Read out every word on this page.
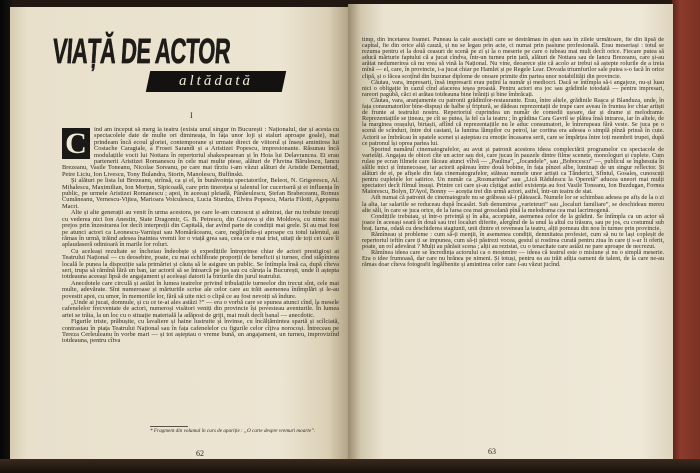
VIAȚĂ DE ACTOR
altădată
I
C	înd am început să merg la teatru (exista unul singur în București : Naționalul, dar și acesta cu spectacolele date de multe ori dimineața, în fața unor loji și staluri aproape goale), mai prindeam încă ecoul gloriei, contemporane și urmate direct de viitorul și înseși amintirea lui Costache Caragiale, a Frosei Sarandi și a Aristizei Popescu, impresionante. Răsunau încă modulațiile vocii lui Nottara în repertoriul shakespearean și în Hoia lui Delavrancea. Ei erau partenerii Aristizei Romanescu în cele mai multe piese, alături de Fluvina Bărulescu, Iancu Brezeanu, Vasile Toneanu, Nicolae Soreanu, pe care mai tîrziu i-am văzut alături de Aristide Demetriad, Petre Liciu, Ion Livescu, Tony Bulandra, Storin, Manolescu, Bulfinski.

Și alături pe lista lui Brezeanu, strînsă, ca și el, în bunăvoința spectatorilor, Beleot, N. Grigorescu, Al. Mihalescu, Maximilian, Ion Morțun, Sipicoadă, care prin tinerețea și talentul lor cuceriseră și ei influența în public, pe urmele Aristizei Romanescu ; apoi, în aceeași pleiadă, Pânăeulescu, Ștefan Brabeceanu, Romus Cumăneanu, Vernescu-Vijtea, Marioara Voiculescu, Lucia Sturdza, Elvira Popescu, Maria Filotti, Agepsina Macri.

Alte și alte generații au venit în urma acestora, pe care le-am cunoscut și admirat, dar nu trebuie trecuți cu vederea nici Ion Anestin, State Dragomir, G. B. Petrescu, din Craiova și din Moldova, cu nimic mai prejos prin înzestrarea lor decît interpreții din Capitală, dar avînd parte de condiții mai grele. Și au mai fost pe atunci actori ca Leonescu-Varnișui sau Momărăceanu, care, neglijîndu-și aproape cu totul talentul, au rămas în urmă, trăind adesea înaintea vremii lor o viață grea sau, ceea ce e mai trist, uitați de toți cei care îi aplaudaseră odinioară în marile lor roluri.

Cu aceleași rezultate se încheiau îndeobște și expedițiile întreprinse chiar de actori prestigioși ai Teatrului Național — cu deosebire, poate, cu mai echilibrate proporții de beneficii și turnee, cînd stăpînirea locală le punea la dispoziție sala primăriei și căuta să le asigure un public. Se întîmpla însă ca, după cîteva seri, trupa să rămînă fără un ban, iar actorii să se întoarcă pe jos sau cu căruța la București, unde îi aștepta totdeauna aceeași lipsă de angajament și aceleași datorii la birturile din jurul teatrului.

Anecdotele care circulă și astăzi în lumea teatrelor privind tribulațiile turneelor din trecut sînt, cele mai multe, adevărate. Sînt numeroase și mărturiile scrise ale celor care au trăit asemenea întîmplări și le-au povestit apoi, cu umor, în memoriile lor, fără să uite nici o clipă ce au fost nevoiți să îndure.

„Unde ai jucat, domnule, și cu ce te-ai ales astăzi ?” — era o vorbă care se spunea atunci cînd, la mesele cafenelelor frecventate de actori, numeroși visători veniți din provincie își povesteau aventurile. În lumea artei se trăia, la un loc cu o situație materială la adăpost de griji, mai mult decît banal — anecdotic.

Figurile triste, prăbușite, cu lavaliere și haine lustruite și învinse, cu încălțămintea spartă și scîlciată, contrastau în piața Teatrului Național sau în fața cafenelelor cu figurile celor cîțiva norocoși. Întreceau pe Tereza Cerleuleanu în vorbe mari — și tot așteptau o vreme bună, un angajament, un turneu, improvizînd totdeauna, pentru cîtva

* Fragment din volumul în curs de apariție : „O carte despre vremuri moarte”.
62

timp, din încetarea foamei. Puneau la cale asociații care se destrămau în ajun sau în zilele următoare, fie din lipsă de capital, fie din orice altă cauză, și nu se legau prin acte, ci numai prin pasiune profesională. Erau meseriași : totul se rezuma pentru ei la două ceasuri de scenă pe zi și la o meserie pe care o iubeau mai mult decît orice. Fiecare putea să aducă mărturie faptului că a jucat cîndva, într-un turneu prin țară, alături de Nottara sau de Iancu Brezeanu, care și-au arătat nedumerirea că nu vrea să vină la Național. Nu vine, deoarece știe că acolo ar trebui să aștepte rolurile de a treia mînă — el, care, în provincie, i-a jucat chiar pe Hamlet și pe Regele Lear. Dovada triumfurilor sale putea s-o facă în orice clipă, și o făcea scoțînd din buzunar diplome de onoare primite din partea unor notabilități din provincie.

Căutau, vara, impresarii, însă impresarii erau puțini la număr și mediocri. Dacă se întîmpla să-i angajeze, nu-și luau nici o obligație în cazul cînd afacerea ieșea proastă. Pentru actori era joc sau grădinile totodată — pentru impresari, rareori pagubă, căci ei arătau totdeauna bine hrăniți și bine îmbrăcați.

Căutau, vara, aranjamente cu patronii grădinilor-restaurante. Erau, între altele, grădinile Rașca și Blanduza, unde, în fața consumatorilor bine-dispuși de halbe și friptură, se dădeau reprezentații de trupe care aveau în fruntea lor chiar artiști de frunte ai teatrului nostru. Repertoriul cuprindea un număr de comedii ușoare, dar și drame și melodrame. Reprezentațiile se țineau, pe cît se putea, la fel ca la teatru ; în grădina Cara Gavril se plătea însă intrarea, iar în altele, de la marginea orașului, birtașii, aflînd că reprezentațiile nu le aduc consumatori, le întrerupeau fără veste. Se juca pe o scenă de scînduri, între doi castani, la lumina lămpilor cu petrol, iar cortina era adesea o simplă pînză prinsă în cuie. Actorii se îmbrăcau în spatele scenei și așteptau cu emoție încasarea serii, care se împărțea între toți membrii trupei, după ce patronul își oprea partea lui.

Sporind numărul cinematografelor, au avut și patronii acestora ideea complectării programelor cu spectacole de varietăți. Angajau de obicei cîte un actor sau doi, care jucau în pauzele dintre filme scenete, monologuri și cuplete. Cum rulau pe ecran filmele care făceau atunci vîlvă — „Paulina”, „Jocandele”, sau „Bobocescu” —, publicul se înghesuia în sălile mici și întunecoase, iar actorii apăreau între două bobine, în fața pînzei albe, luminați de un singur reflector. Și alături de ei, pe afișele din fața cinematografelor, stăteau numele unor artiști ca Tănderici, Sfîntul, Gosaleș, cunoscuți pentru cupletele lor satirice. Un număr ca „Rosmarinka” sau „Lică Rădulescu la Operetă” aducea uneori mai mulți spectatori decît filmul însuși. Printre cei care și-au cîștigat astfel existența au fost Vasile Toneanu, Ion Buzdugan, Fornea Maiorescu, Bolyn, D'Ayol, Bonny — aceștia trei din urmă actori, astfel, într-un teatru de stat.

Atît numai că patronii de cinematografe nu se grăbeau să-i plătească. Numele lor se schimbau adesea pe afiș de la o zi la alta, iar salariile se reduceau după încasări. Sub denumirea „varieteuri” sau „localuri familiare”, se deschideau mereu alte săli, în care se juca orice, de la farsa cea mai grosolană pînă la melodrama cea mai lacrimogenă.

Condițiile trebuiau, și într-o privință și în alta, acceptate, asemenea celor de la grădini. Se întîmpla ca un actor să joace în aceeași seară în două sau trei localuri diferite, alergînd de la unul la altul cu trăsura, sau pe jos, cu costumul sub braț. Iarna, odată cu deschiderea stagiunii, unii dintre ei reveneau la teatru, alții porneau din nou în turnee prin provincie.

Rămîneau și probleme : cum să-ți menții, în asemenea condiții, demnitatea profesiei, cum să nu te lași copleșit de repertoriul ieftin care ți se impunea, cum să-ți păstrezi vocea, gestul și rostirea curată pentru ziua în care ți s-ar fi oferit, poate, un rol adevărat ? Mulți au părăsit scena ; alții au rezistat, cu o tenacitate care astăzi ne pare aproape de necrezut.

Rămînea ideea care se încredința actorului ca o moștenire — ideea că teatrul este o misiune și nu o simplă meserie. Era o idee frumoasă, dar care nu hrănea pe nimeni. Și totuși, pentru ea au trăit atîția oameni de talent, de la care ne-au rămas doar cîteva fotografii îngălbenite și amintirea celor care i-au văzut jucînd.

63
